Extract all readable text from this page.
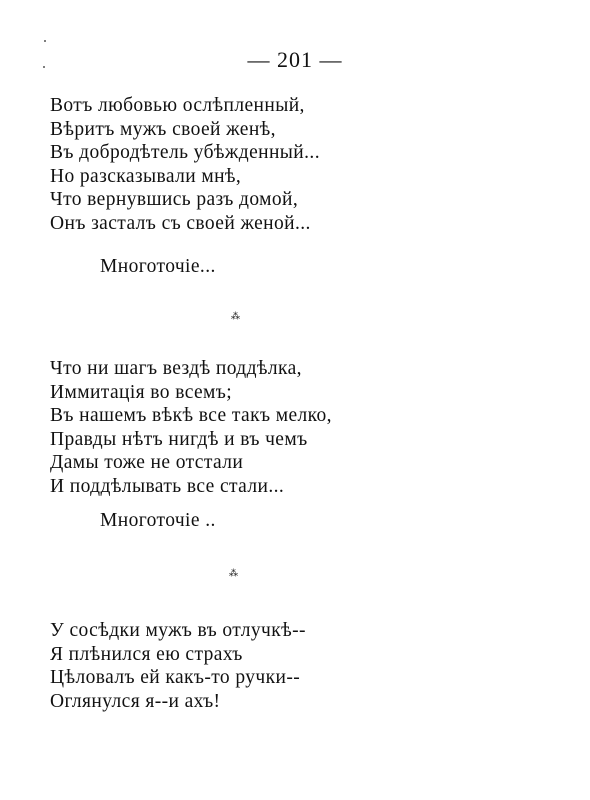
— 201 —
Вотъ любовью ослѣпленный,
Вѣритъ мужъ своей женѣ,
Въ добродѣтель убѣжденный...
Но разсказывали мнѣ,
Что вернувшись разъ домой,
Онъ засталъ съ своей женой...
Многоточіе...
⁂
Что ни шагъ вездѣ поддѣлка,
Иммитація во всемъ;
Въ нашемъ вѣкѣ все такъ мелко,
Правды нѣтъ нигдѣ и въ чемъ
Дамы тоже не отстали
И поддѣлывать все стали...
Многоточіе ..
⁂
У сосѣдки мужъ въ отлучкѣ--
Я плѣнился ею страхъ
Цѣловалъ ей какъ-то ручки--
Оглянулся я--и ахъ!
